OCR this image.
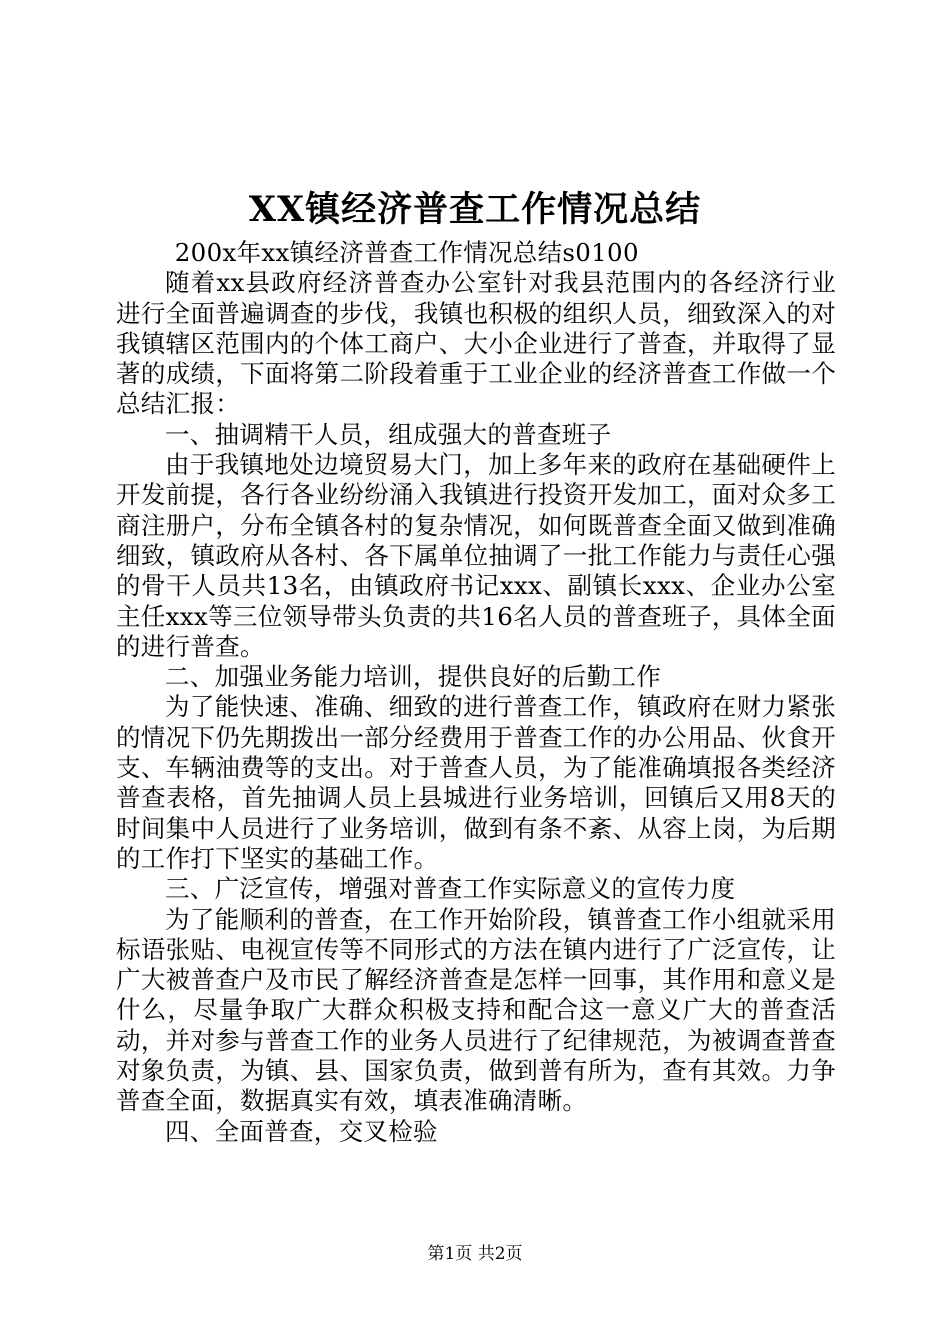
XX镇经济普查工作情况总结

200x年xx镇经济普查工作情况总结s0100

随着xx县政府经济普查办公室针对我县范围内的各经济行业进行全面普遍调查的步伐，我镇也积极的组织人员，细致深入的对我镇辖区范围内的个体工商户、大小企业进行了普查，并取得了显著的成绩，下面将第二阶段着重于工业企业的经济普查工作做一个总结汇报：

一、抽调精干人员，组成强大的普查班子

由于我镇地处边境贸易大门，加上多年来的政府在基础硬件上开发前提，各行各业纷纷涌入我镇进行投资开发加工，面对众多工商注册户，分布全镇各村的复杂情况，如何既普查全面又做到准确细致，镇政府从各村、各下属单位抽调了一批工作能力与责任心强的骨干人员共13名，由镇政府书记xxx、副镇长xxx、企业办公室主任xxx等三位领导带头负责的共16名人员的普查班子，具体全面的进行普查。

二、加强业务能力培训，提供良好的后勤工作

为了能快速、准确、细致的进行普查工作，镇政府在财力紧张的情况下仍先期拨出一部分经费用于普查工作的办公用品、伙食开支、车辆油费等的支出。对于普查人员，为了能准确填报各类经济普查表格，首先抽调人员上县城进行业务培训，回镇后又用8天的时间集中人员进行了业务培训，做到有条不紊、从容上岗，为后期的工作打下坚实的基础工作。

三、广泛宣传，增强对普查工作实际意义的宣传力度

为了能顺利的普查，在工作开始阶段，镇普查工作小组就采用标语张贴、电视宣传等不同形式的方法在镇内进行了广泛宣传，让广大被普查户及市民了解经济普查是怎样一回事，其作用和意义是什么，尽量争取广大群众积极支持和配合这一意义广大的普查活动，并对参与普查工作的业务人员进行了纪律规范，为被调查普查对象负责，为镇、县、国家负责，做到普有所为，查有其效。力争普查全面，数据真实有效，填表准确清晰。

四、全面普查，交叉检验

第1页 共2页
